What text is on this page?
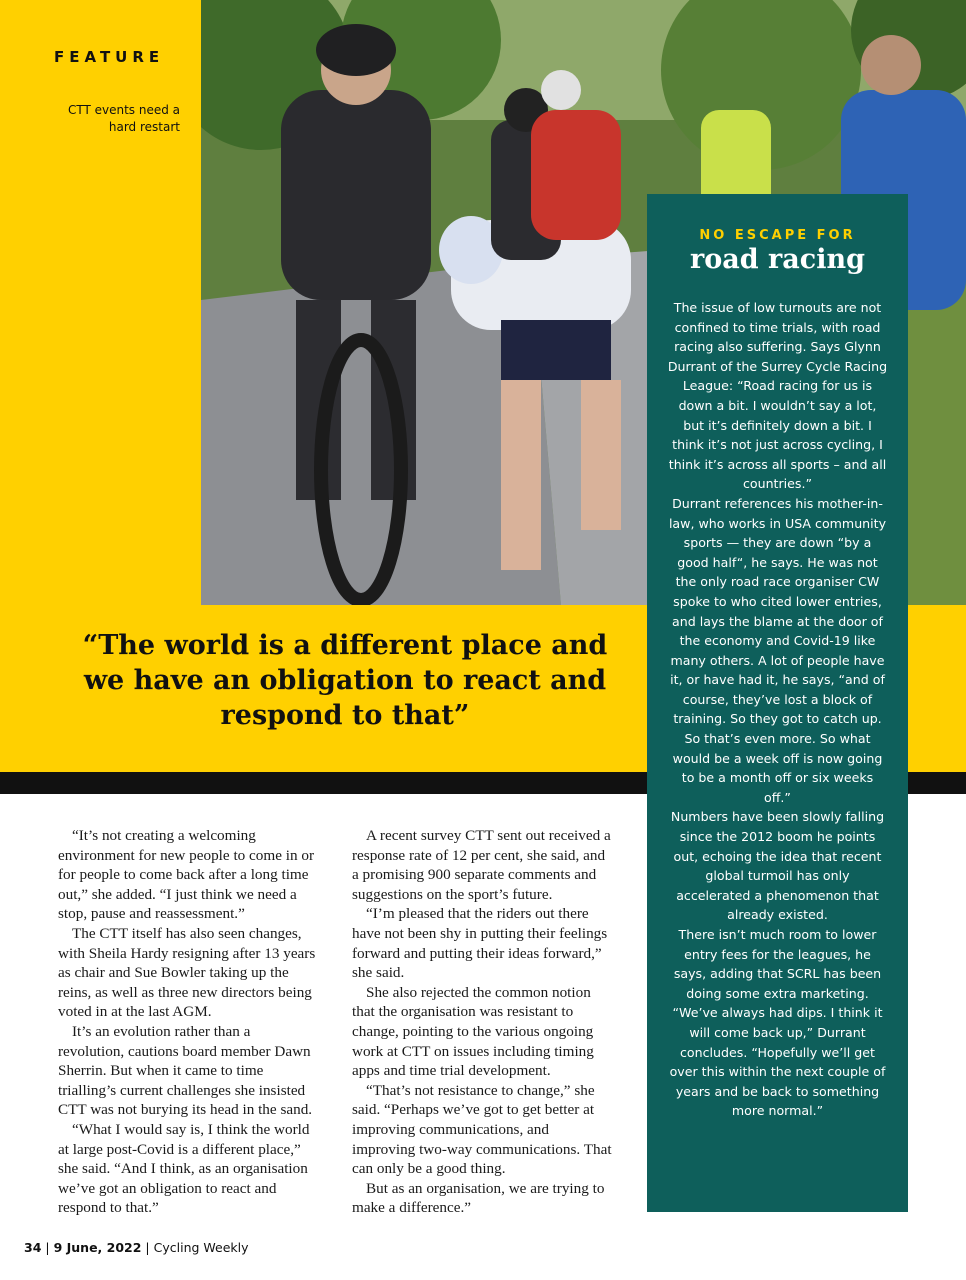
FEATURE
CTT events need a hard restart
“The world is a different place and we have an obligation to react and respond to that”
NO ESCAPE FOR
road racing

The issue of low turnouts are not confined to time trials, with road racing also suffering. Says Glynn Durrant of the Surrey Cycle Racing League: “Road racing for us is down a bit. I wouldn’t say a lot, but it’s definitely down a bit. I think it’s not just across cycling, I think it’s across all sports – and all countries.”

Durrant references his mother-in-law, who works in USA community sports — they are down “by a good half“, he says. He was not the only road race organiser CW spoke to who cited lower entries, and lays the blame at the door of the economy and Covid-19 like many others. A lot of people have it, or have had it, he says, “and of course, they’ve lost a block of training. So they got to catch up. So that’s even more. So what would be a week off is now going to be a month off or six weeks off.”

Numbers have been slowly falling since the 2012 boom he points out, echoing the idea that recent global turmoil has only accelerated a phenomenon that already existed.

There isn’t much room to lower entry fees for the leagues, he says, adding that SCRL has been doing some extra marketing.

“We’ve always had dips. I think it will come back up,” Durrant concludes. “Hopefully we’ll get over this within the next couple of years and be back to something more normal.”

“It’s not creating a welcoming environment for new people to come in or for people to come back after a long time out,” she added. “I just think we need a stop, pause and reassessment.”

The CTT itself has also seen changes, with Sheila Hardy resigning after 13 years as chair and Sue Bowler taking up the reins, as well as three new directors being voted in at the last AGM.

It’s an evolution rather than a revolution, cautions board member Dawn Sherrin. But when it came to time trialling’s current challenges she insisted CTT was not burying its head in the sand.

“What I would say is, I think the world at large post-Covid is a different place,” she said. “And I think, as an organisation we’ve got an obligation to react and respond to that.”

A recent survey CTT sent out received a response rate of 12 per cent, she said, and a promising 900 separate comments and suggestions on the sport’s future.

“I’m pleased that the riders out there have not been shy in putting their feelings forward and putting their ideas forward,” she said.

She also rejected the common notion that the organisation was resistant to change, pointing to the various ongoing work at CTT on issues including timing apps and time trial development.

“That’s not resistance to change,” she said. “Perhaps we’ve got to get better at improving communications, and improving two-way communications. That can only be a good thing.

But as an organisation, we are trying to make a difference.”

34 | 9 June, 2022 | Cycling Weekly
